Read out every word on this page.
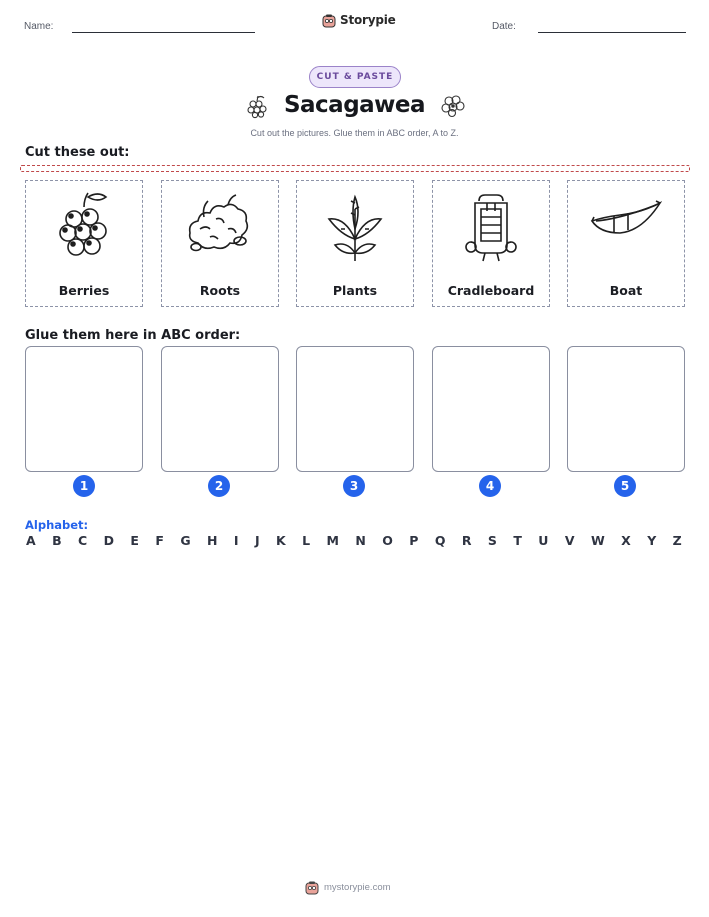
Name:	Storypie	Date:
CUT & PASTE
Sacagawea
Cut out the pictures. Glue them in ABC order, A to Z.
Cut these out:
Berries	Roots	Plants	Cradleboard	Boat
Glue them here in ABC order:
1	2	3	4	5
Alphabet:
A B C D E F G H I J K L M N O P Q R S T U V W X Y Z
mystorypie.com
